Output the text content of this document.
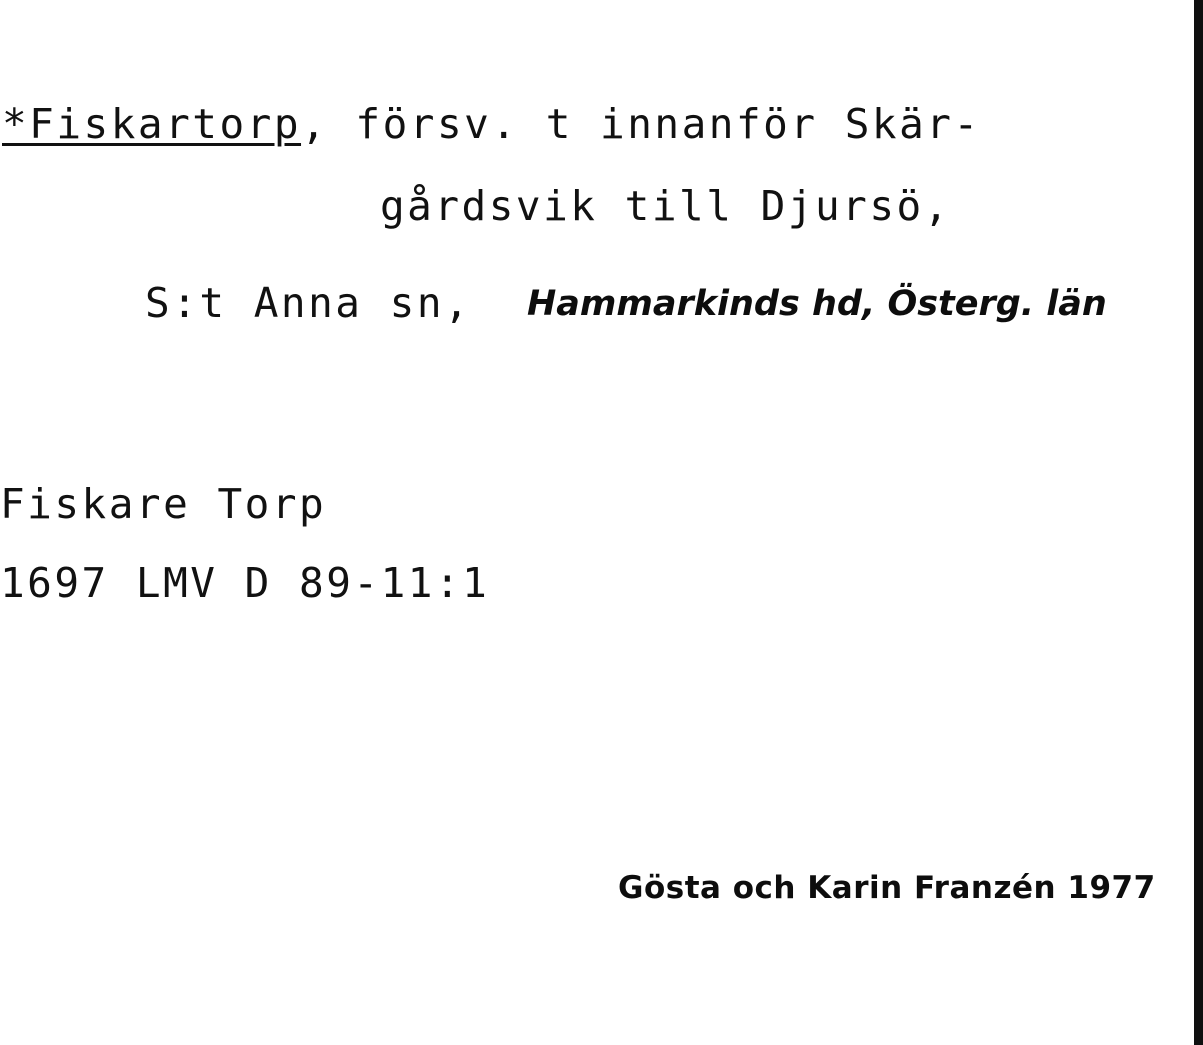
*Fiskartorp, försv. t innanför Skär-
gårdsvik till Djursö,
S:t Anna sn, Hammarkinds hd, Österg. län
Fiskare Torp
1697 LMV D 89-11:1
Gösta och Karin Franzén 1977
